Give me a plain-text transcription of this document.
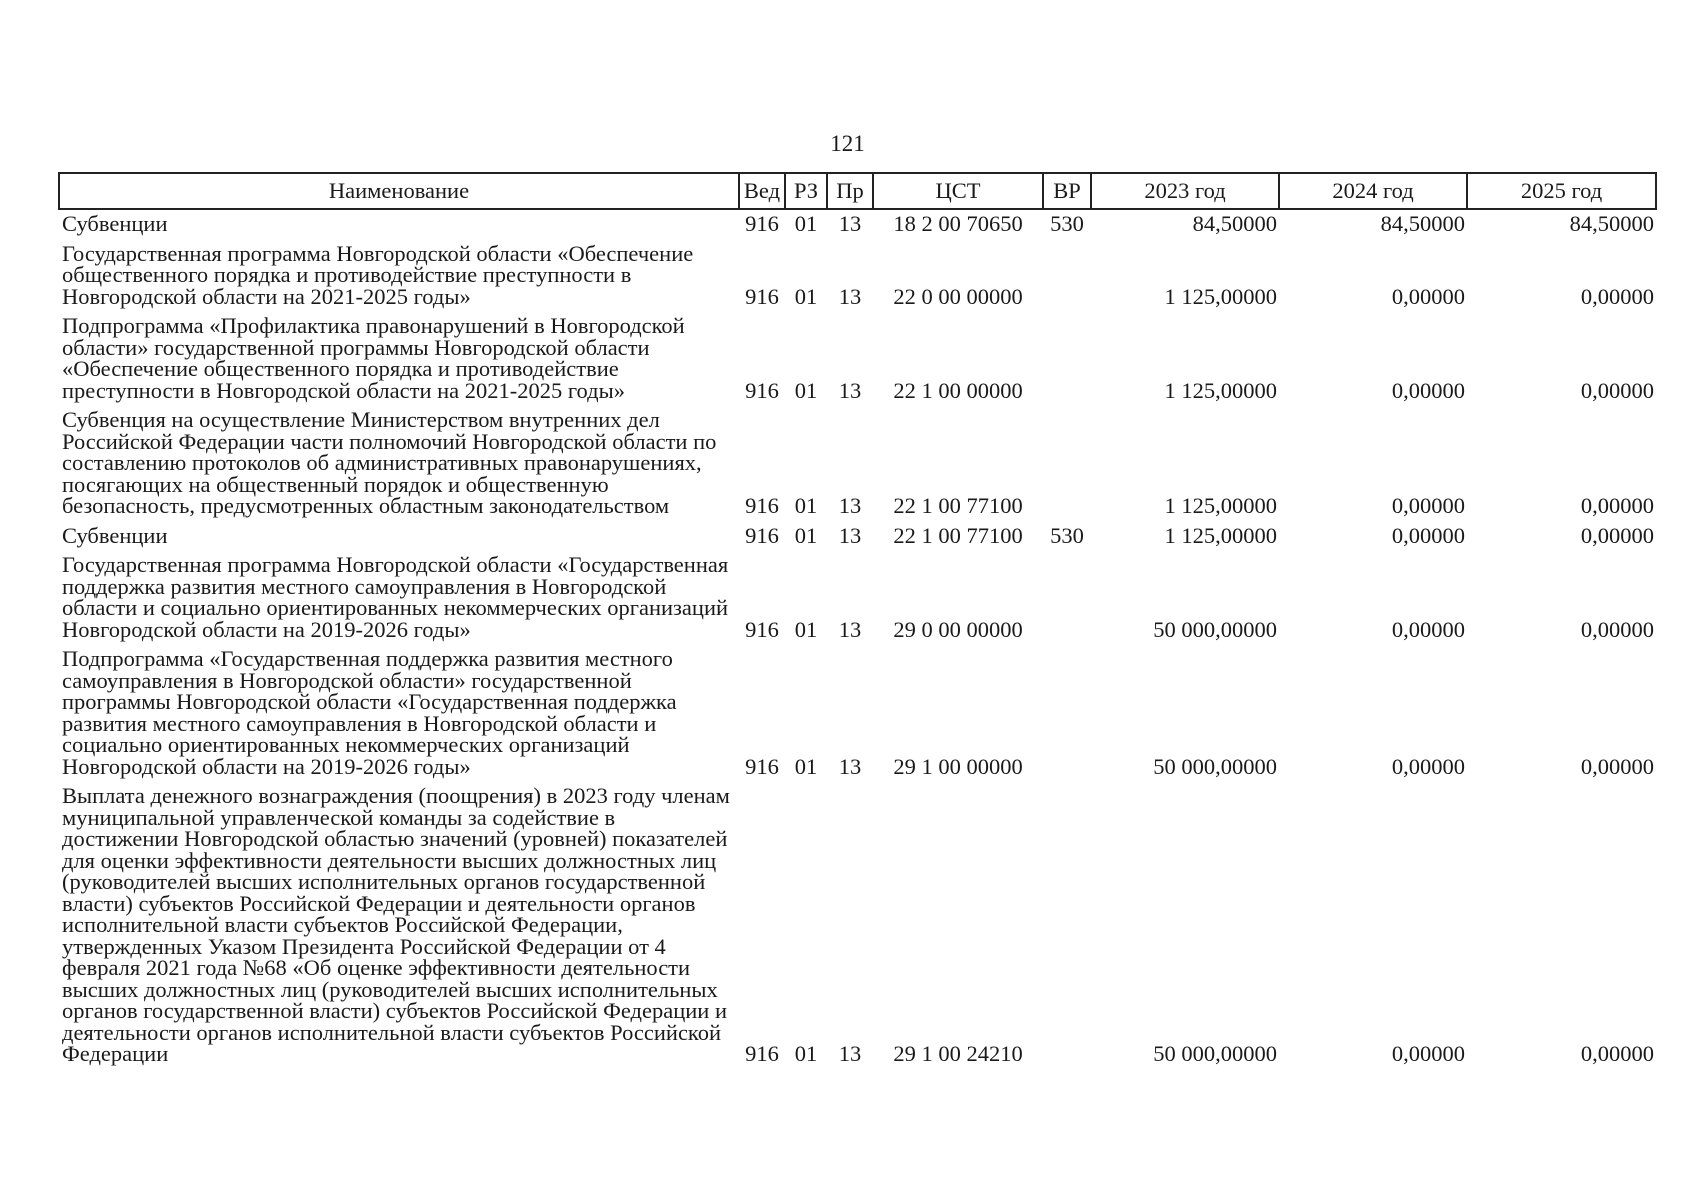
121
Наименование	Вед	РЗ	Пр	ЦСТ	ВР	2023 год	2024 год	2025 год
Субвенции	916	01	13	18 2 00 70650	530	84,50000	84,50000	84,50000
Государственная программа Новгородской области «Обеспечение общественного порядка и противодействие преступности в Новгородской области на 2021-2025 годы»	916	01	13	22 0 00 00000		1 125,00000	0,00000	0,00000
Подпрограмма «Профилактика правонарушений в Новгородской области» государственной программы Новгородской области «Обеспечение общественного порядка и противодействие преступности в Новгородской области на 2021-2025 годы»	916	01	13	22 1 00 00000		1 125,00000	0,00000	0,00000
Субвенция на осуществление Министерством внутренних дел Российской Федерации части полномочий Новгородской области по составлению протоколов об административных правонарушениях, посягающих на общественный порядок и общественную безопасность, предусмотренных областным законодательством	916	01	13	22 1 00 77100		1 125,00000	0,00000	0,00000
Субвенции	916	01	13	22 1 00 77100	530	1 125,00000	0,00000	0,00000
Государственная программа Новгородской области «Государственная поддержка развития местного самоуправления в Новгородской области и социально ориентированных некоммерческих организаций Новгородской области на 2019-2026 годы»	916	01	13	29 0 00 00000		50 000,00000	0,00000	0,00000
Подпрограмма «Государственная поддержка развития местного самоуправления в Новгородской области» государственной программы Новгородской области «Государственная поддержка развития местного самоуправления в Новгородской области и социально ориентированных некоммерческих организаций Новгородской области на 2019-2026 годы»	916	01	13	29 1 00 00000		50 000,00000	0,00000	0,00000
Выплата денежного вознаграждения (поощрения) в 2023 году членам муниципальной управленческой команды за содействие в достижении Новгородской областью значений (уровней) показателей для оценки эффективности деятельности высших должностных лиц (руководителей высших исполнительных органов государственной власти) субъектов Российской Федерации и деятельности органов исполнительной власти субъектов Российской Федерации, утвержденных Указом Президента Российской Федерации от 4 февраля 2021 года №68 «Об оценке эффективности деятельности высших должностных лиц (руководителей высших исполнительных органов государственной власти) субъектов Российской Федерации и деятельности органов исполнительной власти субъектов Российской Федерации	916	01	13	29 1 00 24210		50 000,00000	0,00000	0,00000
